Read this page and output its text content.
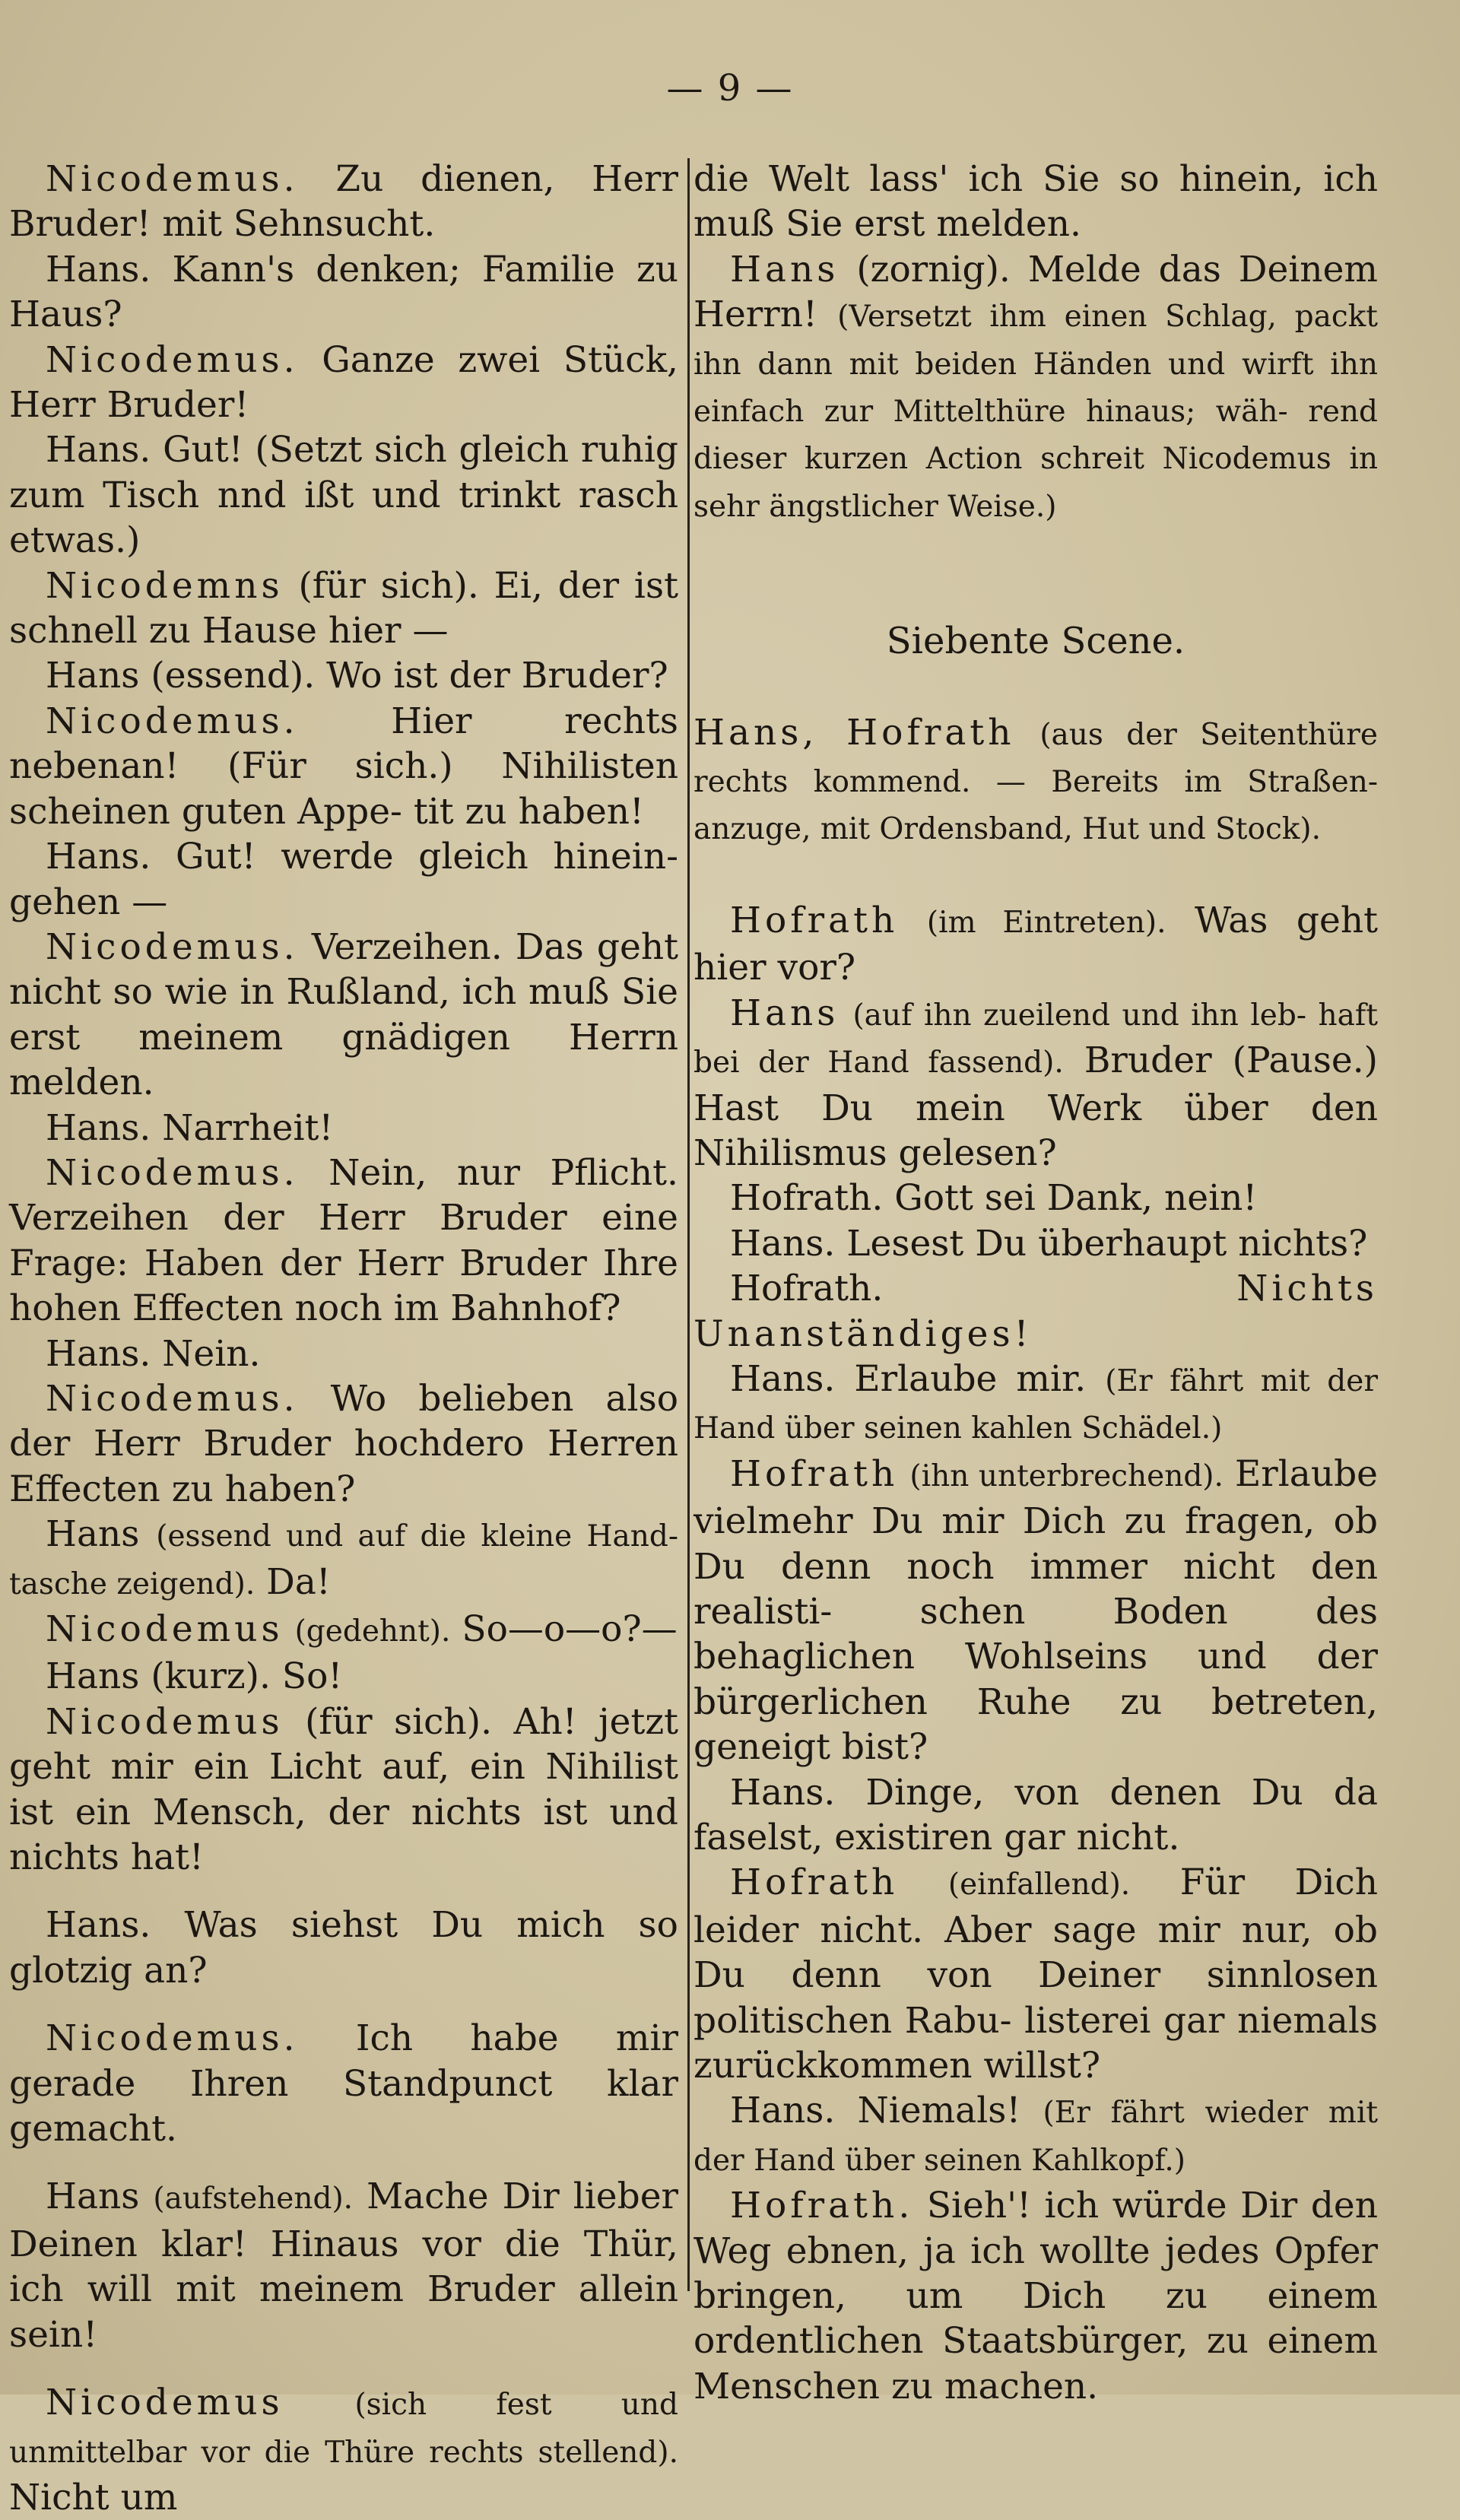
— 9 —

Nicodemus. Zu dienen, Herr Bruder! mit Sehnsucht.

Hans. Kann's denken; Familie zu Haus?

Nicodemus. Ganze zwei Stück, Herr Bruder!

Hans. Gut! (Setzt sich gleich ruhig zum Tisch nnd ißt und trinkt rasch etwas.)

Nicodemns (für sich). Ei, der ist schnell zu Hause hier —

Hans (essend). Wo ist der Bruder?

Nicodemus.	Hier rechts nebenan! (Für sich.) Nihilisten scheinen guten Appe- tit zu haben!

Hans. Gut! werde gleich hinein- gehen —

Nicodemus. Verzeihen. Das geht nicht so wie in Rußland, ich muß Sie erst meinem gnädigen Herrn melden.

Hans. Narrheit!

Nicodemus. Nein, nur Pflicht. Verzeihen der Herr Bruder eine Frage: Haben der Herr Bruder Ihre hohen Effecten noch im Bahnhof?

Hans. Nein.

Nicodemus. Wo belieben also der Herr Bruder hochdero Herren Effecten zu haben?

Hans (essend und auf die kleine Hand- tasche zeigend). Da!

Nicodemus (gedehnt). So—o—o?—

Hans (kurz). So!

Nicodemus (für sich). Ah! jetzt geht mir ein Licht auf, ein Nihilist ist ein Mensch, der nichts ist und nichts hat!

Hans. Was siehst Du mich so glotzig an?

Nicodemus. Ich habe mir gerade Ihren Standpunct klar gemacht.

Hans (aufstehend). Mache Dir lieber Deinen klar! Hinaus vor die Thür, ich will mit meinem Bruder allein sein!

Nicodemus (sich fest und unmittelbar vor die Thüre rechts stellend). Nicht um

die Welt lass' ich Sie so hinein, ich muß Sie erst melden.

Hans (zornig). Melde das Deinem Herrn! (Versetzt ihm einen Schlag, packt ihn dann mit beiden Händen und wirft ihn einfach zur Mittelthüre hinaus; wäh- rend dieser kurzen Action schreit Nicodemus in sehr ängstlicher Weise.)

Siebente Scene.

Hans, Hofrath (aus der Seitenthüre rechts kommend. — Bereits im Straßen- anzuge, mit Ordensband, Hut und Stock).

Hofrath (im Eintreten). Was geht hier vor?

Hans (auf ihn zueilend und ihn leb- haft bei der Hand fassend). Bruder (Pause.) Hast Du mein Werk über den Nihilismus gelesen?

Hofrath. Gott sei Dank, nein!

Hans. Lesest Du überhaupt nichts?

Hofrath.	Nichts Unanständiges!

Hans. Erlaube mir. (Er fährt mit der Hand über seinen kahlen Schädel.)

Hofrath (ihn unterbrechend). Erlaube vielmehr Du mir Dich zu fragen, ob Du denn noch immer nicht den realisti- schen Boden des behaglichen Wohlseins und der bürgerlichen Ruhe zu betreten, geneigt bist?

Hans. Dinge, von denen Du da faselst, existiren gar nicht.

Hofrath (einfallend). Für Dich leider nicht. Aber sage mir nur, ob Du denn von Deiner sinnlosen politischen Rabu- listerei gar niemals zurückkommen willst?

Hans. Niemals! (Er fährt wieder mit der Hand über seinen Kahlkopf.)

Hofrath. Sieh'! ich würde Dir den Weg ebnen, ja ich wollte jedes Opfer bringen, um Dich zu einem ordentlichen Staatsbürger, zu einem Menschen zu machen.
